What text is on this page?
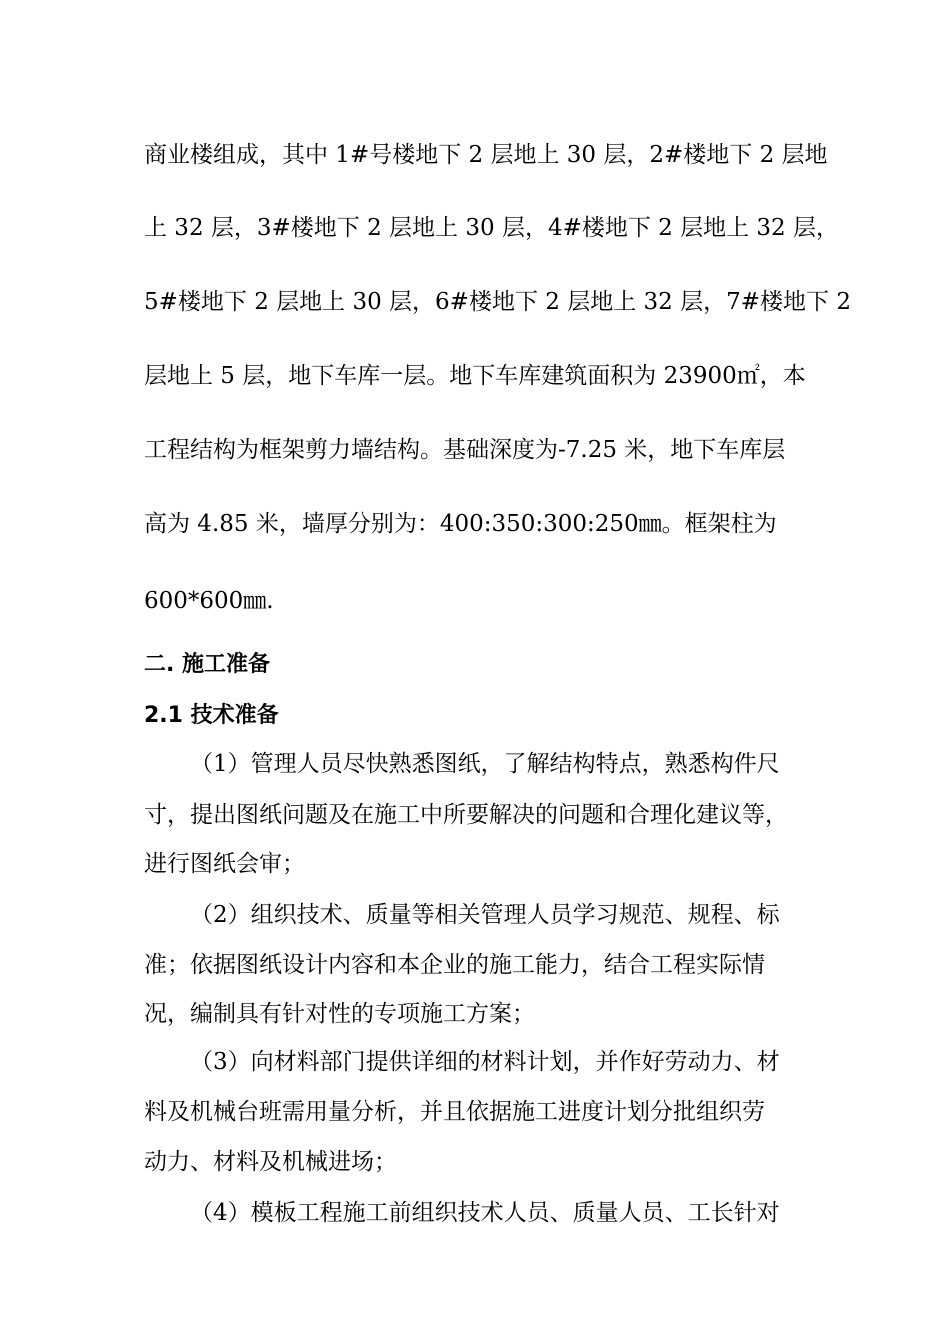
商业楼组成，其中 1#号楼地下 2 层地上 30 层，2#楼地下 2 层地
上 32 层，3#楼地下 2 层地上 30 层，4#楼地下 2 层地上 32 层，
5#楼地下 2 层地上 30 层，6#楼地下 2 层地上 32 层，7#楼地下 2
层地上 5 层，地下车库一层。地下车库建筑面积为 23900㎡，本
工程结构为框架剪力墙结构。基础深度为-7.25 米，地下车库层
高为 4.85 米，墙厚分别为：400:350:300:250㎜。框架柱为
600*600㎜.
二. 施工准备
2.1 技术准备
（1）管理人员尽快熟悉图纸，了解结构特点，熟悉构件尺
寸，提出图纸问题及在施工中所要解决的问题和合理化建议等，
进行图纸会审；
（2）组织技术、质量等相关管理人员学习规范、规程、标
准；依据图纸设计内容和本企业的施工能力，结合工程实际情
况，编制具有针对性的专项施工方案；
（3）向材料部门提供详细的材料计划，并作好劳动力、材
料及机械台班需用量分析，并且依据施工进度计划分批组织劳
动力、材料及机械进场；
（4）模板工程施工前组织技术人员、质量人员、工长针对
